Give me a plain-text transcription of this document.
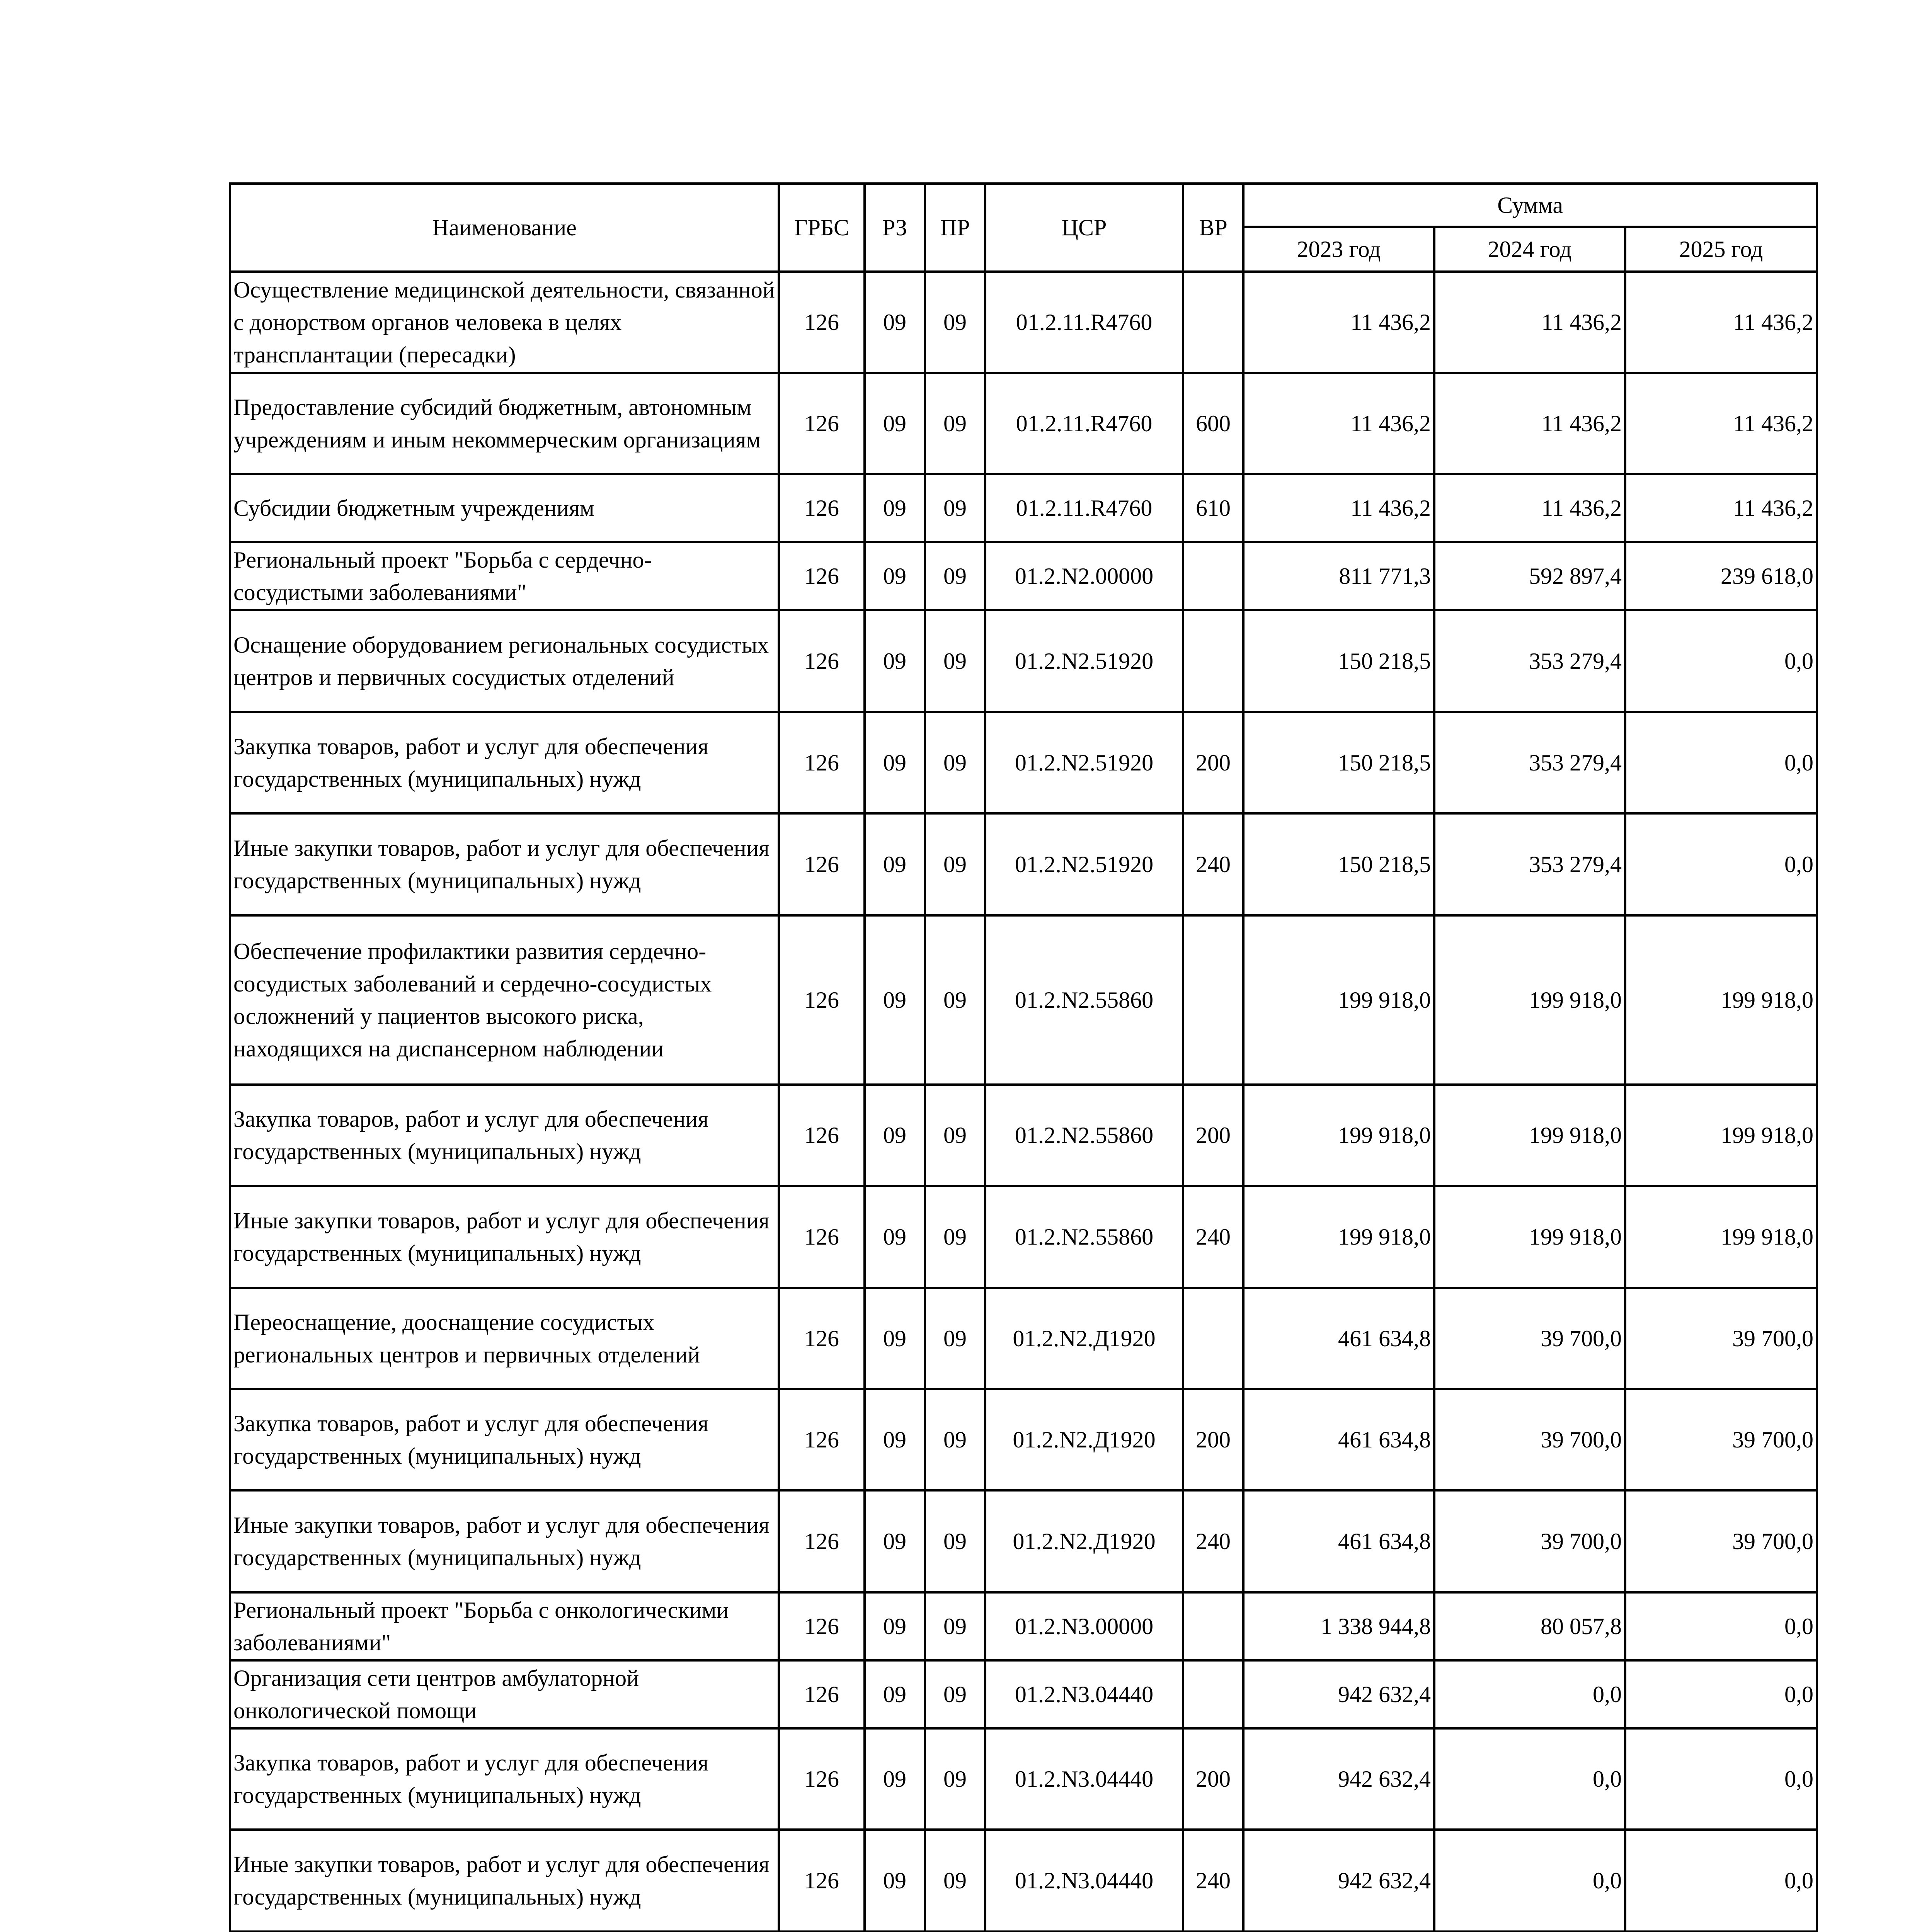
Наименование	ГРБС	РЗ	ПР	ЦСР	ВР	Сумма		
						2023 год	2024 год	2025 год
Осуществление медицинской деятельности, связанной с донорством органов человека в целях трансплантации (пересадки)	126	09	09	01.2.11.R4760		11 436,2	11 436,2	11 436,2
Предоставление субсидий бюджетным, автономным учреждениям и иным некоммерческим организациям	126	09	09	01.2.11.R4760	600	11 436,2	11 436,2	11 436,2
Субсидии бюджетным учреждениям	126	09	09	01.2.11.R4760	610	11 436,2	11 436,2	11 436,2
Региональный проект "Борьба с сердечно-сосудистыми заболеваниями"	126	09	09	01.2.N2.00000		811 771,3	592 897,4	239 618,0
Оснащение оборудованием региональных сосудистых центров и первичных сосудистых отделений	126	09	09	01.2.N2.51920		150 218,5	353 279,4	0,0
Закупка товаров, работ и услуг для обеспечения государственных (муниципальных) нужд	126	09	09	01.2.N2.51920	200	150 218,5	353 279,4	0,0
Иные закупки товаров, работ и услуг для обеспечения государственных (муниципальных) нужд	126	09	09	01.2.N2.51920	240	150 218,5	353 279,4	0,0
Обеспечение профилактики развития сердечно-сосудистых заболеваний и сердечно-сосудистых осложнений у пациентов высокого риска, находящихся на диспансерном наблюдении	126	09	09	01.2.N2.55860		199 918,0	199 918,0	199 918,0
Закупка товаров, работ и услуг для обеспечения государственных (муниципальных) нужд	126	09	09	01.2.N2.55860	200	199 918,0	199 918,0	199 918,0
Иные закупки товаров, работ и услуг для обеспечения государственных (муниципальных) нужд	126	09	09	01.2.N2.55860	240	199 918,0	199 918,0	199 918,0
Переоснащение, дооснащение сосудистых региональных центров и первичных отделений	126	09	09	01.2.N2.Д1920		461 634,8	39 700,0	39 700,0
Закупка товаров, работ и услуг для обеспечения государственных (муниципальных) нужд	126	09	09	01.2.N2.Д1920	200	461 634,8	39 700,0	39 700,0
Иные закупки товаров, работ и услуг для обеспечения государственных (муниципальных) нужд	126	09	09	01.2.N2.Д1920	240	461 634,8	39 700,0	39 700,0
Региональный проект "Борьба с онкологическими заболеваниями"	126	09	09	01.2.N3.00000		1 338 944,8	80 057,8	0,0
Организация сети центров амбулаторной онкологической помощи	126	09	09	01.2.N3.04440		942 632,4	0,0	0,0
Закупка товаров, работ и услуг для обеспечения государственных (муниципальных) нужд	126	09	09	01.2.N3.04440	200	942 632,4	0,0	0,0
Иные закупки товаров, работ и услуг для обеспечения государственных (муниципальных) нужд	126	09	09	01.2.N3.04440	240	942 632,4	0,0	0,0
